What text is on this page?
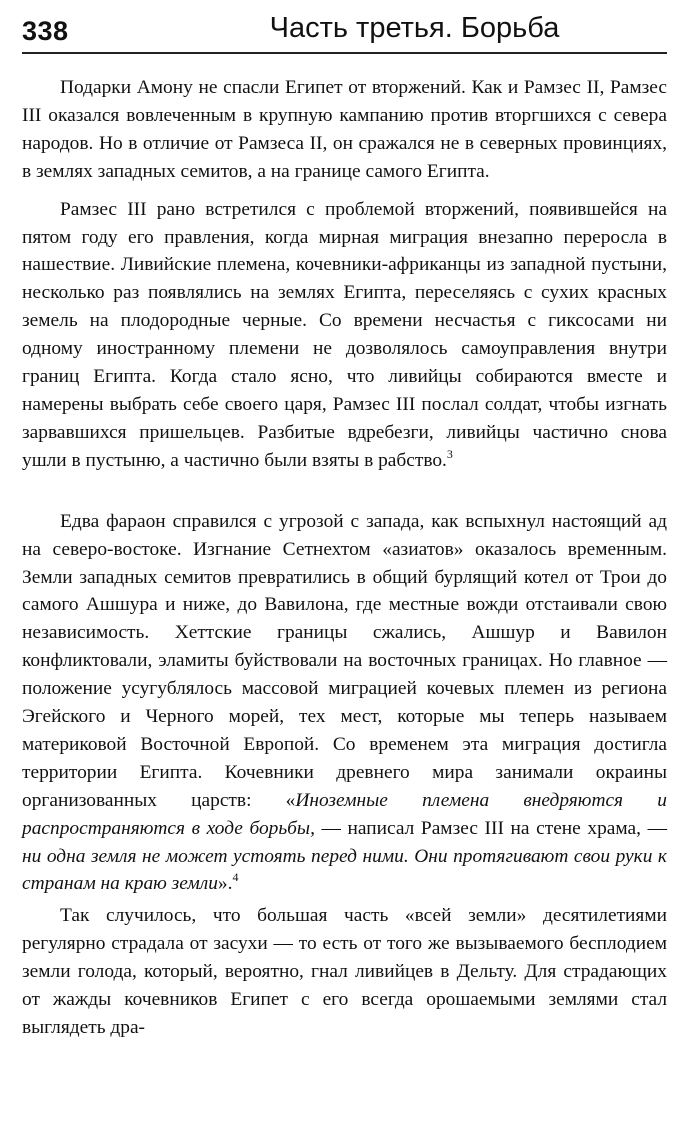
338	Часть третья. Борьба

Подарки Амону не спасли Египет от вторжений. Как и Рамзес II, Рамзес III оказался вовлеченным в крупную кампанию против вторгшихся с севера народов. Но в отличие от Рамзеса II, он сражался не в северных провинциях, в землях западных семитов, а на границе самого Египта.

Рамзес III рано встретился с проблемой вторжений, появившейся на пятом году его правления, когда мирная миграция внезапно переросла в нашествие. Ливийские племена, кочевники-африканцы из западной пустыни, несколько раз появлялись на землях Египта, переселяясь с сухих красных земель на плодородные черные. Со времени несчастья с гиксосами ни одному иностранному племени не дозволялось самоуправления внутри границ Египта. Когда стало ясно, что ливийцы собираются вместе и намерены выбрать себе своего царя, Рамзес III послал солдат, чтобы изгнать зарвавшихся пришельцев. Разбитые вдребезги, ливийцы частично снова ушли в пустыню, а частично были взяты в рабство.$^3$

Едва фараон справился с угрозой с запада, как вспыхнул настоящий ад на северо-востоке. Изгнание Сетнехтом «азиатов» оказалось временным. Земли западных семитов превратились в общий бурлящий котел от Трои до самого Ашшура и ниже, до Вавилона, где местные вожди отстаивали свою независимость. Хеттские границы сжались, Ашшур и Вавилон конфликтовали, эламиты буйствовали на восточных границах. Но главное — положение усугублялось массовой миграцией кочевых племен из региона Эгейского и Черного морей, тех мест, которые мы теперь называем материковой Восточной Европой. Со временем эта миграция достигла территории Египта. Кочевники древнего мира занимали окраины организованных царств: «Иноземные племена внедряются и распространяются в ходе борьбы, — написал Рамзес III на стене храма, — ни одна земля не может устоять перед ними. Они протягивают свои руки к странам на краю земли».$^4$

Так случилось, что большая часть «всей земли» десятилетиями регулярно страдала от засухи — то есть от того же вызываемого бесплодием земли голода, который, вероятно, гнал ливийцев в Дельту. Для страдающих от жажды кочевников Египет с его всегда орошаемыми землями стал выглядеть дра-
